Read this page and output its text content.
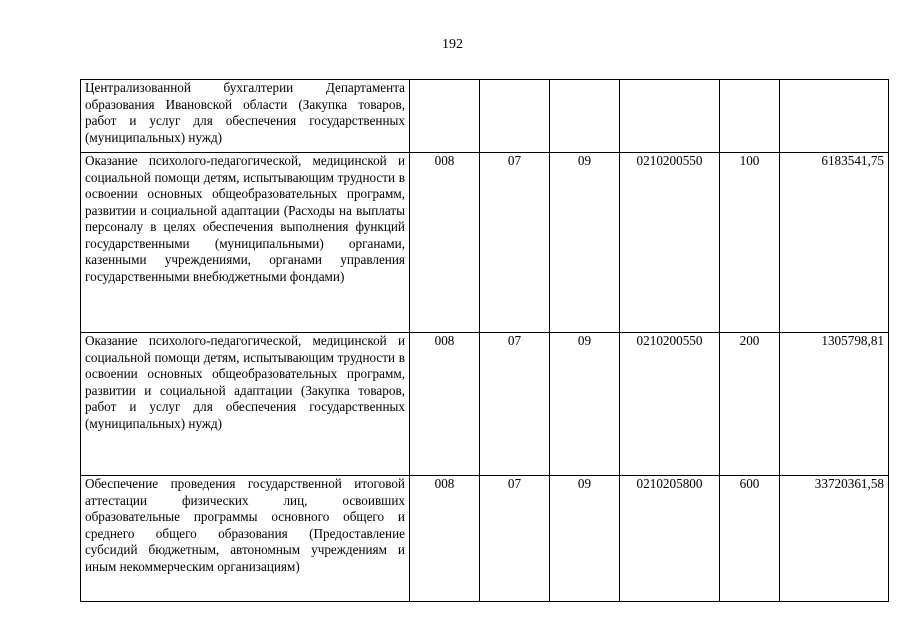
192
Централизованной бухгалтерии Департамента образования Ивановской области (Закупка товаров, работ и услуг для обеспечения государственных (муниципальных) нужд)						
Оказание психолого-педагогической, медицинской и социальной помощи детям, испытывающим трудности в освоении основных общеобразовательных программ, развитии и социальной адаптации (Расходы на выплаты персоналу в целях обеспечения выполнения функций государственными (муниципальными) органами, казенными учреждениями, органами управления государственными внебюджетными фондами)	008	07	09	0210200550	100	6183541,75
Оказание психолого-педагогической, медицинской и социальной помощи детям, испытывающим трудности в освоении основных общеобразовательных программ, развитии и социальной адаптации (Закупка товаров, работ и услуг для обеспечения государственных (муниципальных) нужд)	008	07	09	0210200550	200	1305798,81
Обеспечение проведения государственной итоговой аттестации физических лиц, освоивших образовательные программы основного общего и среднего общего образования (Предоставление субсидий бюджетным, автономным учреждениям и иным некоммерческим организациям)	008	07	09	0210205800	600	33720361,58
